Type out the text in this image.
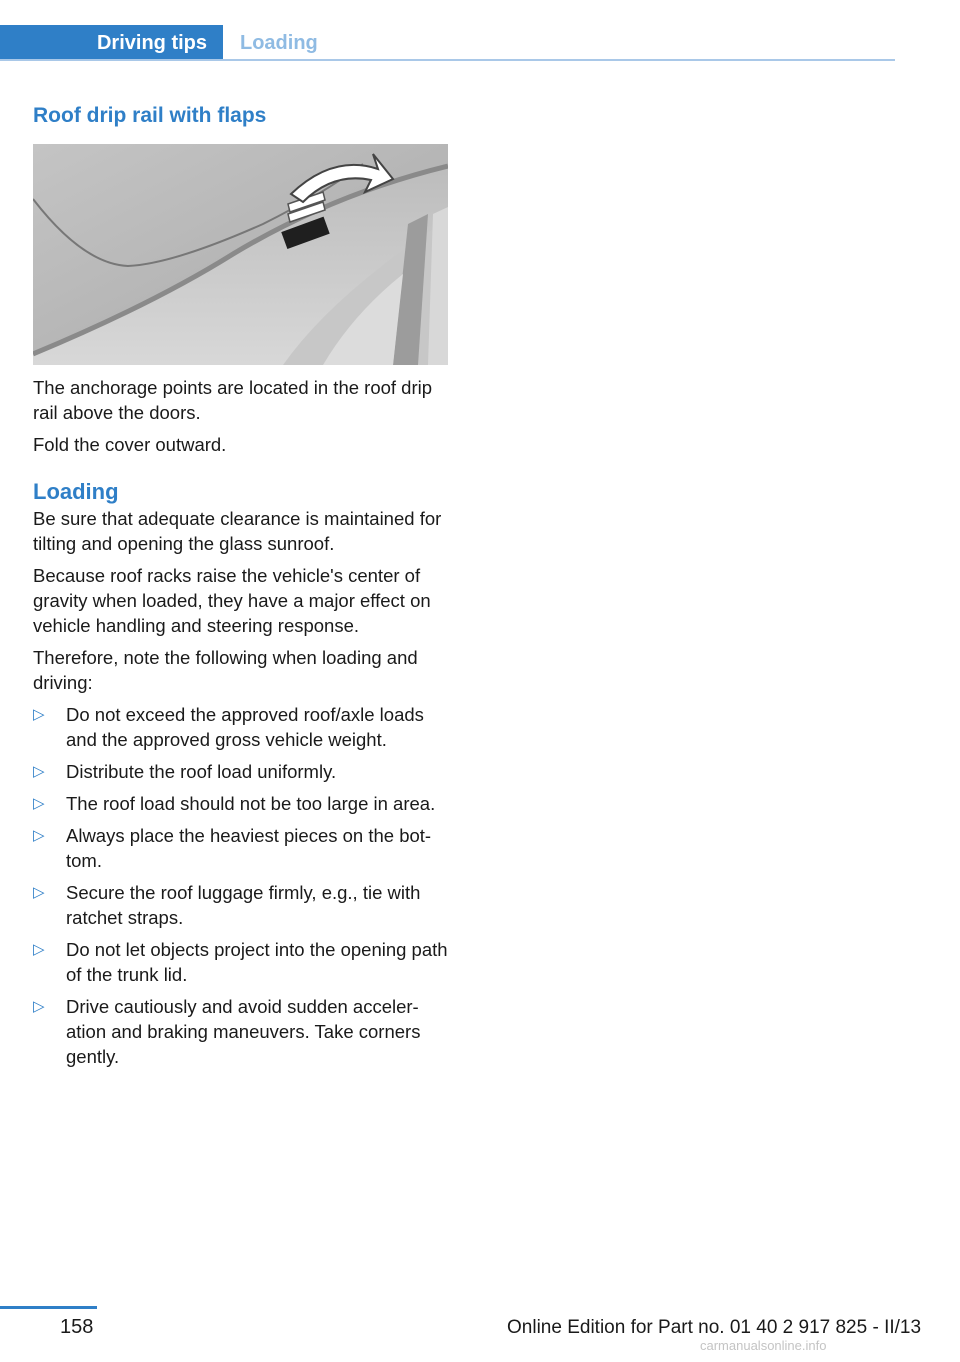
Driving tips	Loading
Roof drip rail with flaps

The anchorage points are located in the roof drip rail above the doors.

Fold the cover outward.

Loading

Be sure that adequate clearance is maintained for tilting and opening the glass sunroof.

Because roof racks raise the vehicle's center of gravity when loaded, they have a major effect on vehicle handling and steering response.

Therefore, note the following when loading and driving:

▷ Do not exceed the approved roof/axle loads and the approved gross vehicle weight.
▷ Distribute the roof load uniformly.
▷ The roof load should not be too large in area.
▷ Always place the heaviest pieces on the bot‐ tom.
▷ Secure the roof luggage firmly, e.g., tie with ratchet straps.
▷ Do not let objects project into the opening path of the trunk lid.
▷ Drive cautiously and avoid sudden acceler‐ ation and braking maneuvers. Take corners gently.
158	Online Edition for Part no. 01 40 2 917 825 - II/13
carmanualsonline.info
